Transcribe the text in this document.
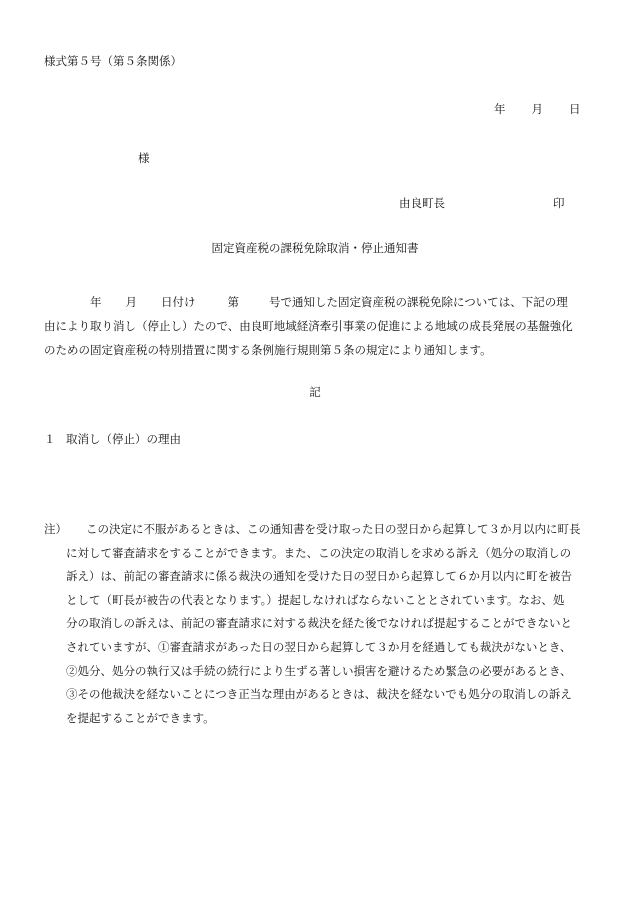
様式第５号（第５条関係）
年 月 日
様
由良町長	印
固定資産税の課税免除取消・停止通知書
年 月 日付け	第	号で通知した固定資産税の課税免除については、下記の理
由により取り消し（停止し）たので、由良町地域経済牽引事業の促進による地域の成長発展の基盤強化
のための固定資産税の特別措置に関する条例施行規則第５条の規定により通知します。
記
１ 取消し（停止）の理由
注）	この決定に不服があるときは、この通知書を受け取った日の翌日から起算して３か月以内に町長
に対して審査請求をすることができます。また、この決定の取消しを求める訴え（処分の取消しの
訴え）は、前記の審査請求に係る裁決の通知を受けた日の翌日から起算して６か月以内に町を被告
として（町長が被告の代表となります。）提起しなければならないこととされています。なお、処
分の取消しの訴えは、前記の審査請求に対する裁決を経た後でなければ提起することができないと
されていますが、①審査請求があった日の翌日から起算して３か月を経過しても裁決がないとき、
②処分、処分の執行又は手続の続行により生ずる著しい損害を避けるため緊急の必要があるとき、
③その他裁決を経ないことにつき正当な理由があるときは、裁決を経ないでも処分の取消しの訴え
を提起することができます。
